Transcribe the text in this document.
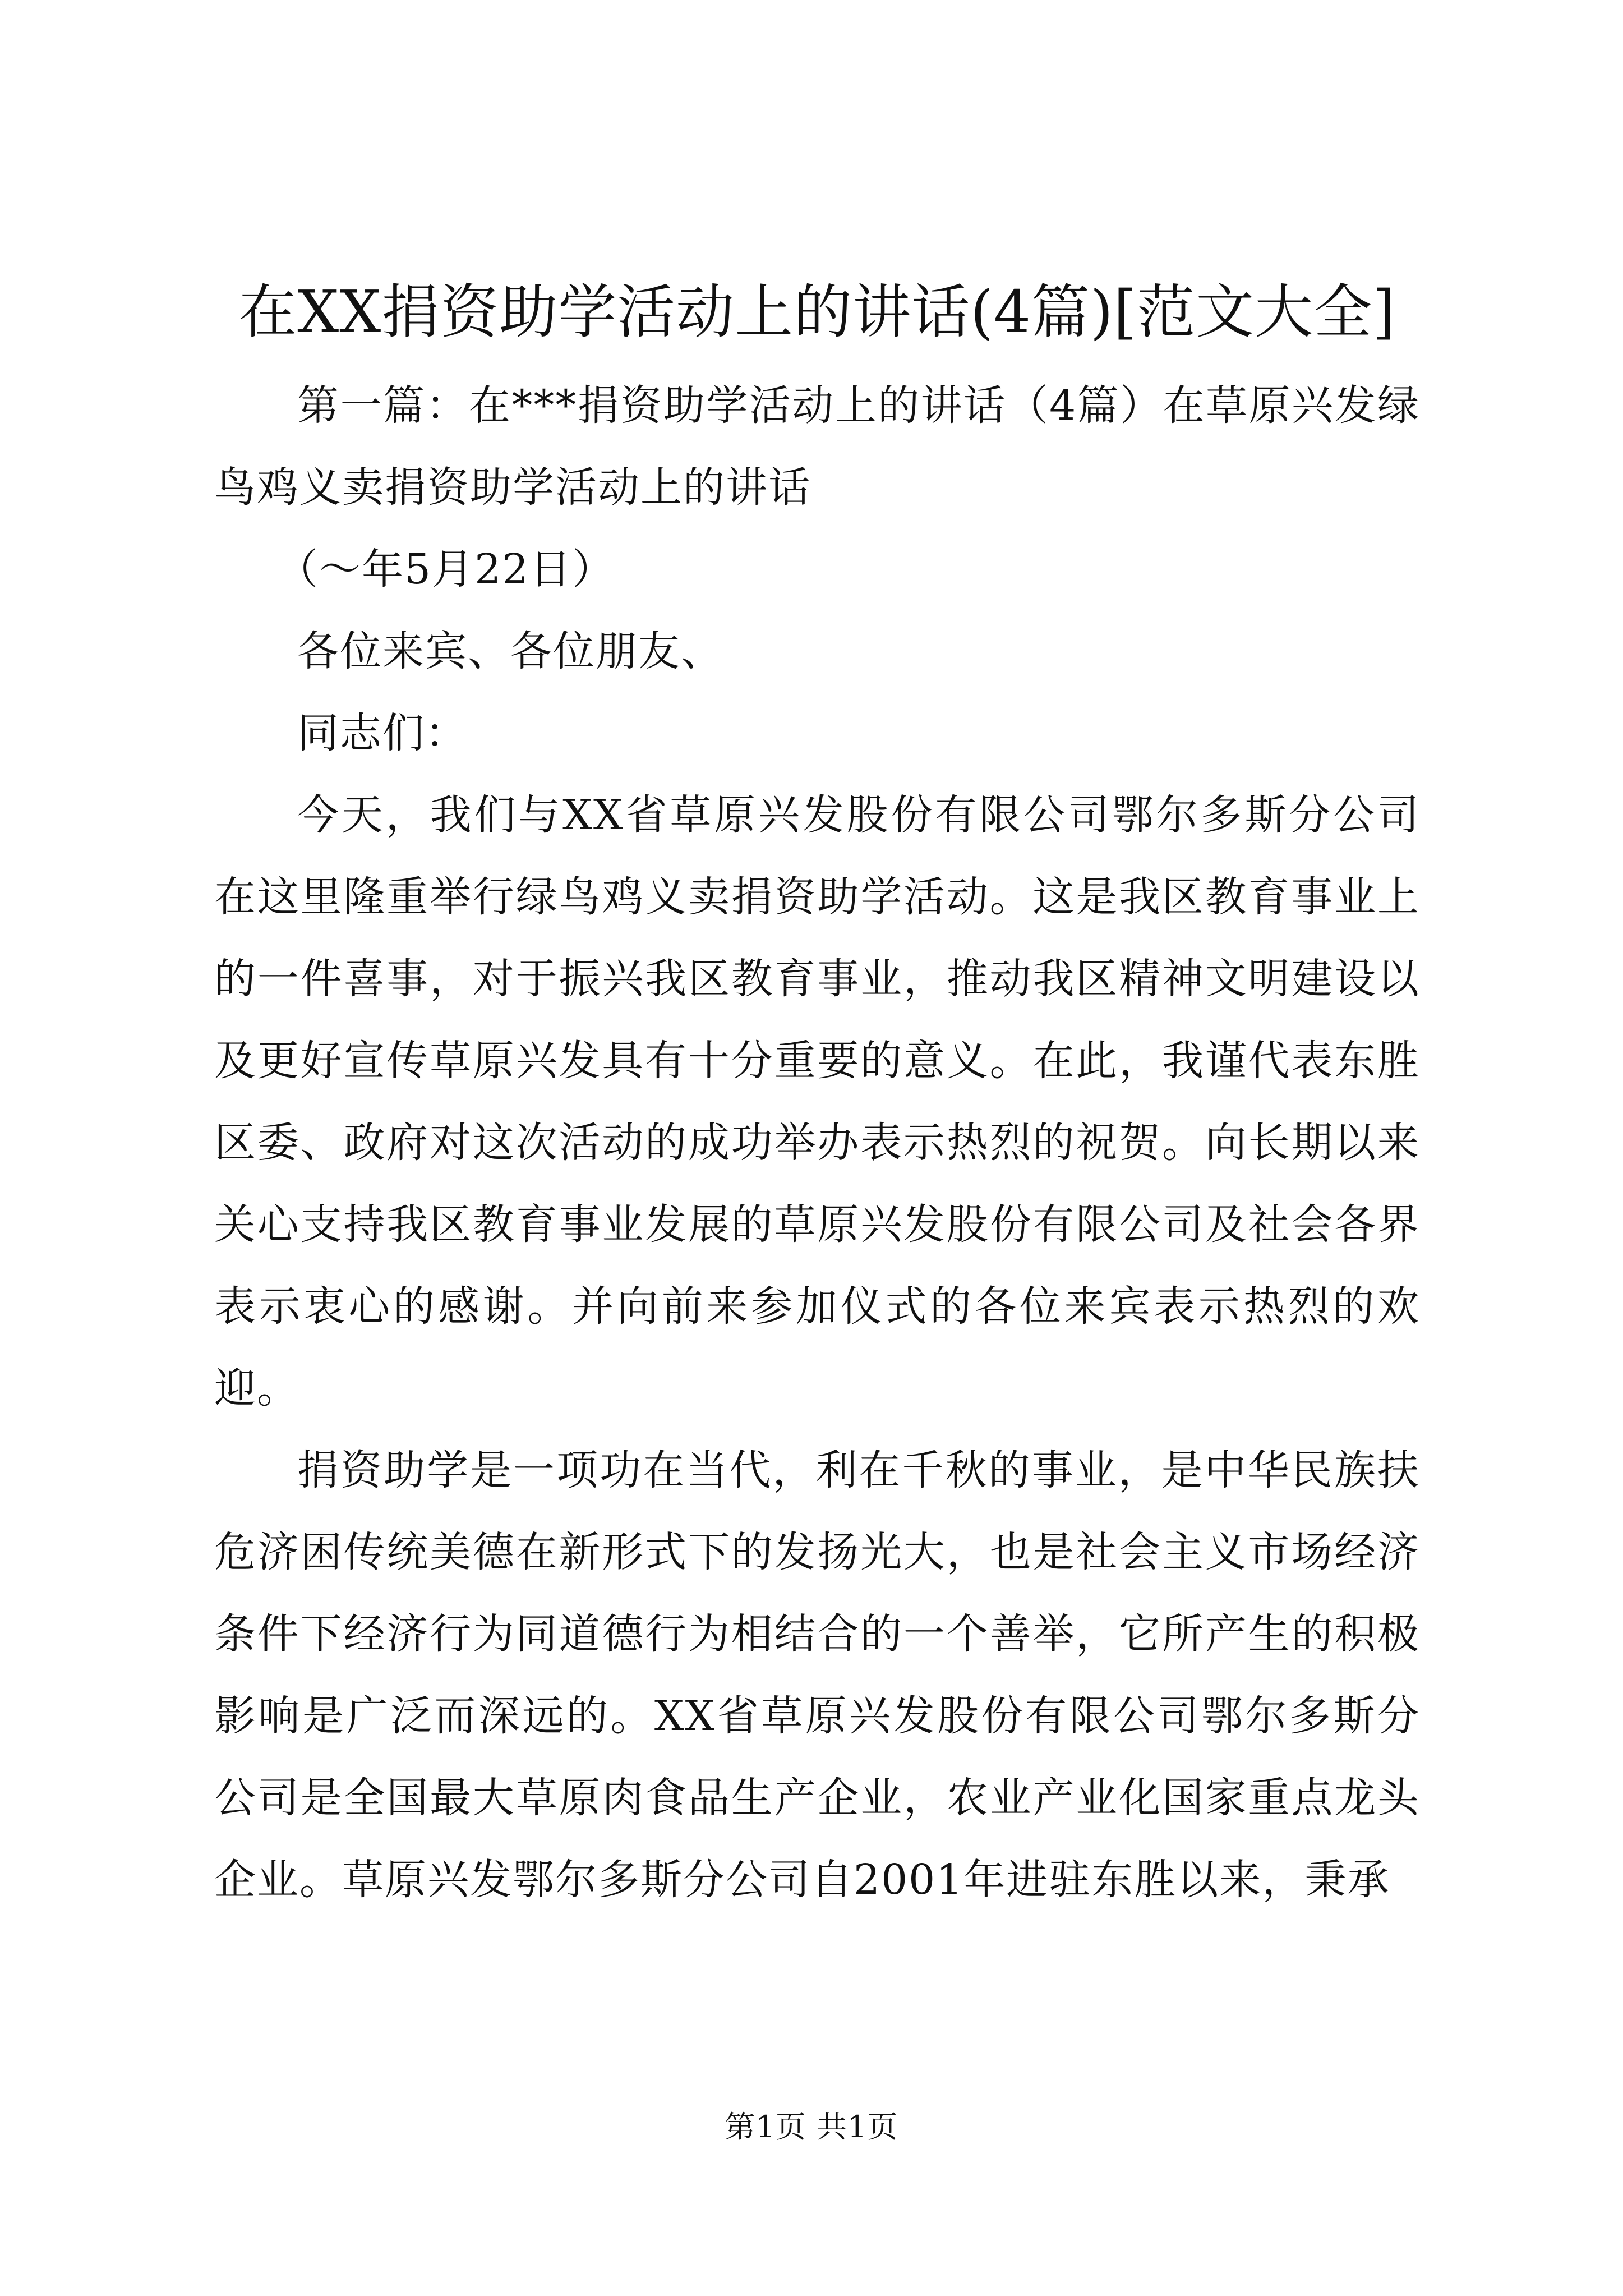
在XX捐资助学活动上的讲话(4篇)[范文大全]

第一篇：在***捐资助学活动上的讲话（4篇）在草原兴发绿鸟鸡义卖捐资助学活动上的讲话

（～年5月22日）

各位来宾、各位朋友、

同志们：

今天，我们与XX省草原兴发股份有限公司鄂尔多斯分公司在这里隆重举行绿鸟鸡义卖捐资助学活动。这是我区教育事业上的一件喜事，对于振兴我区教育事业，推动我区精神文明建设以及更好宣传草原兴发具有十分重要的意义。在此，我谨代表东胜区委、政府对这次活动的成功举办表示热烈的祝贺。向长期以来关心支持我区教育事业发展的草原兴发股份有限公司及社会各界表示衷心的感谢。并向前来参加仪式的各位来宾表示热烈的欢迎。

捐资助学是一项功在当代，利在千秋的事业，是中华民族扶危济困传统美德在新形式下的发扬光大，也是社会主义市场经济条件下经济行为同道德行为相结合的一个善举，它所产生的积极影响是广泛而深远的。XX省草原兴发股份有限公司鄂尔多斯分公司是全国最大草原肉食品生产企业，农业产业化国家重点龙头企业。草原兴发鄂尔多斯分公司自2001年进驻东胜以来，秉承

第1页 共1页
